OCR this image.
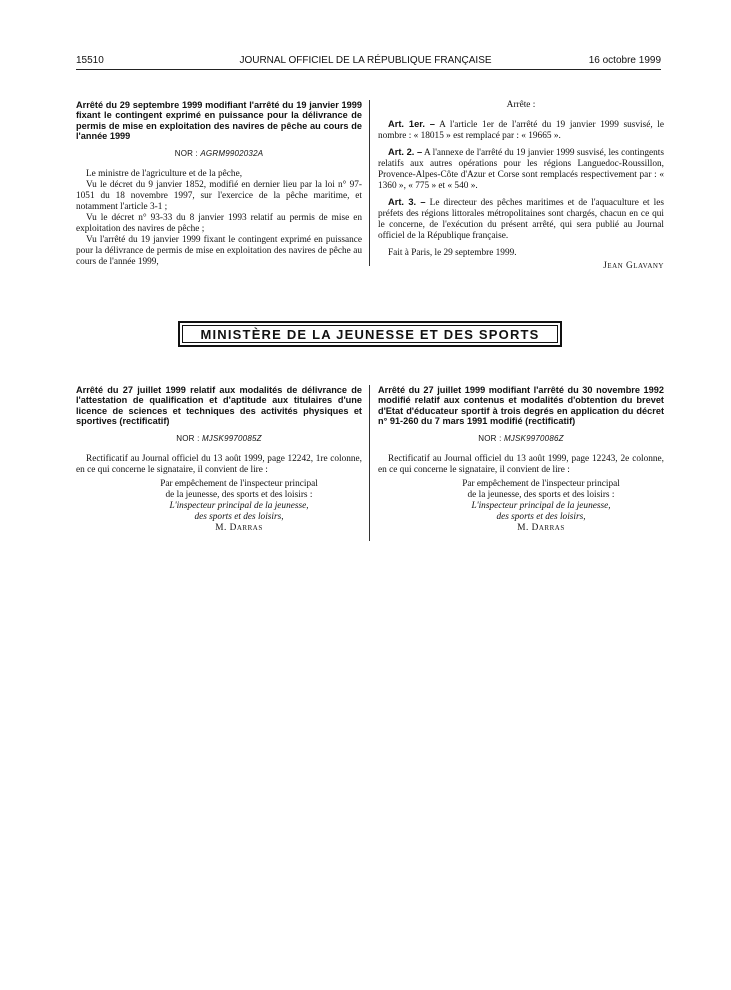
15510	JOURNAL OFFICIEL DE LA RÉPUBLIQUE FRANÇAISE	16 octobre 1999

Arrêté du 29 septembre 1999 modifiant l'arrêté du 19 janvier 1999 fixant le contingent exprimé en puissance pour la délivrance de permis de mise en exploitation des navires de pêche au cours de l'année 1999

NOR : AGRM9902032A

Le ministre de l'agriculture et de la pêche,

Vu le décret du 9 janvier 1852, modifié en dernier lieu par la loi n° 97-1051 du 18 novembre 1997, sur l'exercice de la pêche maritime, et notamment l'article 3-1 ;

Vu le décret n° 93-33 du 8 janvier 1993 relatif au permis de mise en exploitation des navires de pêche ;

Vu l'arrêté du 19 janvier 1999 fixant le contingent exprimé en puissance pour la délivrance de permis de mise en exploitation des navires de pêche au cours de l'année 1999,

Arrête :

Art. 1er. – A l'article 1er de l'arrêté du 19 janvier 1999 susvisé, le nombre : « 18015 » est remplacé par : « 19665 ».

Art. 2. – A l'annexe de l'arrêté du 19 janvier 1999 susvisé, les contingents relatifs aux autres opérations pour les régions Languedoc-Roussillon, Provence-Alpes-Côte d'Azur et Corse sont remplacés respectivement par : « 1360 », « 775 » et « 540 ».

Art. 3. – Le directeur des pêches maritimes et de l'aquaculture et les préfets des régions littorales métropolitaines sont chargés, chacun en ce qui le concerne, de l'exécution du présent arrêté, qui sera publié au Journal officiel de la République française.

Fait à Paris, le 29 septembre 1999.

Jean Glavany

MINISTÈRE DE LA JEUNESSE ET DES SPORTS

Arrêté du 27 juillet 1999 relatif aux modalités de délivrance de l'attestation de qualification et d'aptitude aux titulaires d'une licence de sciences et techniques des activités physiques et sportives (rectificatif)

NOR : MJSK9970085Z

Rectificatif au Journal officiel du 13 août 1999, page 12242, 1re colonne, en ce qui concerne le signataire, il convient de lire :

Par empêchement de l'inspecteur principal

de la jeunesse, des sports et des loisirs :

L'inspecteur principal de la jeunesse,

des sports et des loisirs,

M. Darras

Arrêté du 27 juillet 1999 modifiant l'arrêté du 30 novembre 1992 modifié relatif aux contenus et modalités d'obtention du brevet d'Etat d'éducateur sportif à trois degrés en application du décret n° 91-260 du 7 mars 1991 modifié (rectificatif)

NOR : MJSK9970086Z

Rectificatif au Journal officiel du 13 août 1999, page 12243, 2e colonne, en ce qui concerne le signataire, il convient de lire :

Par empêchement de l'inspecteur principal

de la jeunesse, des sports et des loisirs :

L'inspecteur principal de la jeunesse,

des sports et des loisirs,

M. Darras
